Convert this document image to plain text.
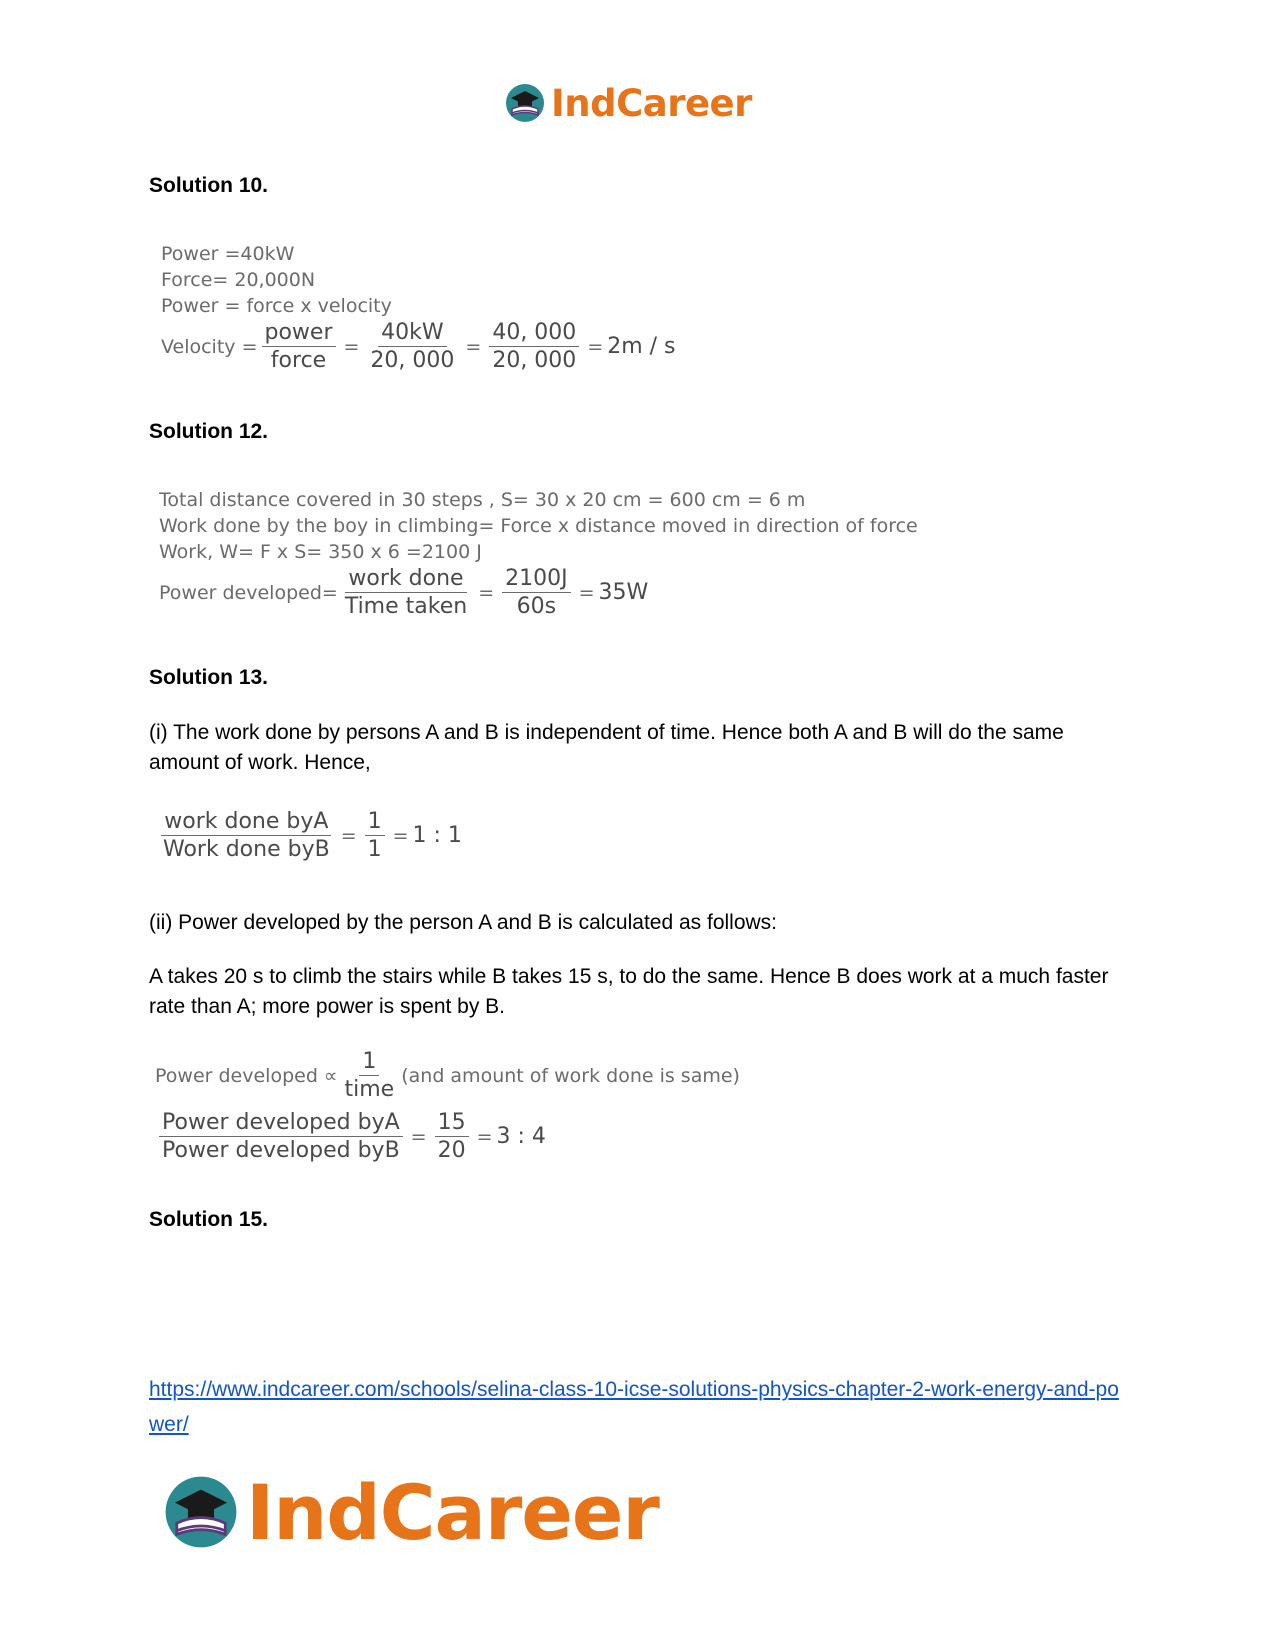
IndCareer
Solution 10.
Power =40kW
Force= 20,000N
Power = force x velocity
Velocity = $\frac{\text{power}}{\text{force}} = \frac{40kW}{20, 000} = \frac{40, 000}{20, 000} = 2m / s$
Solution 12.
Total distance covered in 30 steps , S= 30 x 20 cm = 600 cm = 6 m
Work done by the boy in climbing= Force x distance moved in direction of force
Work, W= F x S= 350 x 6 =2100 J
Power developed= $\frac{\text{work done}}{\text{Time taken}} = \frac{2100J}{60s} = 35W$
Solution 13.
(i) The work done by persons A and B is independent of time. Hence both A and B will do the same amount of work. Hence,
$\frac{\text{work done byA}}{\text{Work done byB}} = \frac{1}{1} = 1$ : 1
(ii) Power developed by the person A and B is calculated as follows:
A takes 20 s to climb the stairs while B takes 15 s, to do the same. Hence B does work at a much faster rate than A; more power is spent by B.
Power developed ∝ $\frac{1}{\text{time}} (and$ amount of work done is same)
$\frac{\text{Power developed byA}}{\text{Power developed byB}} = \frac{15}{20} = 3$ : 4
Solution 15.
https://www.indcareer.com/schools/selina-class-10-icse-solutions-physics-chapter-2-work-energy-and-power/
IndCareer
